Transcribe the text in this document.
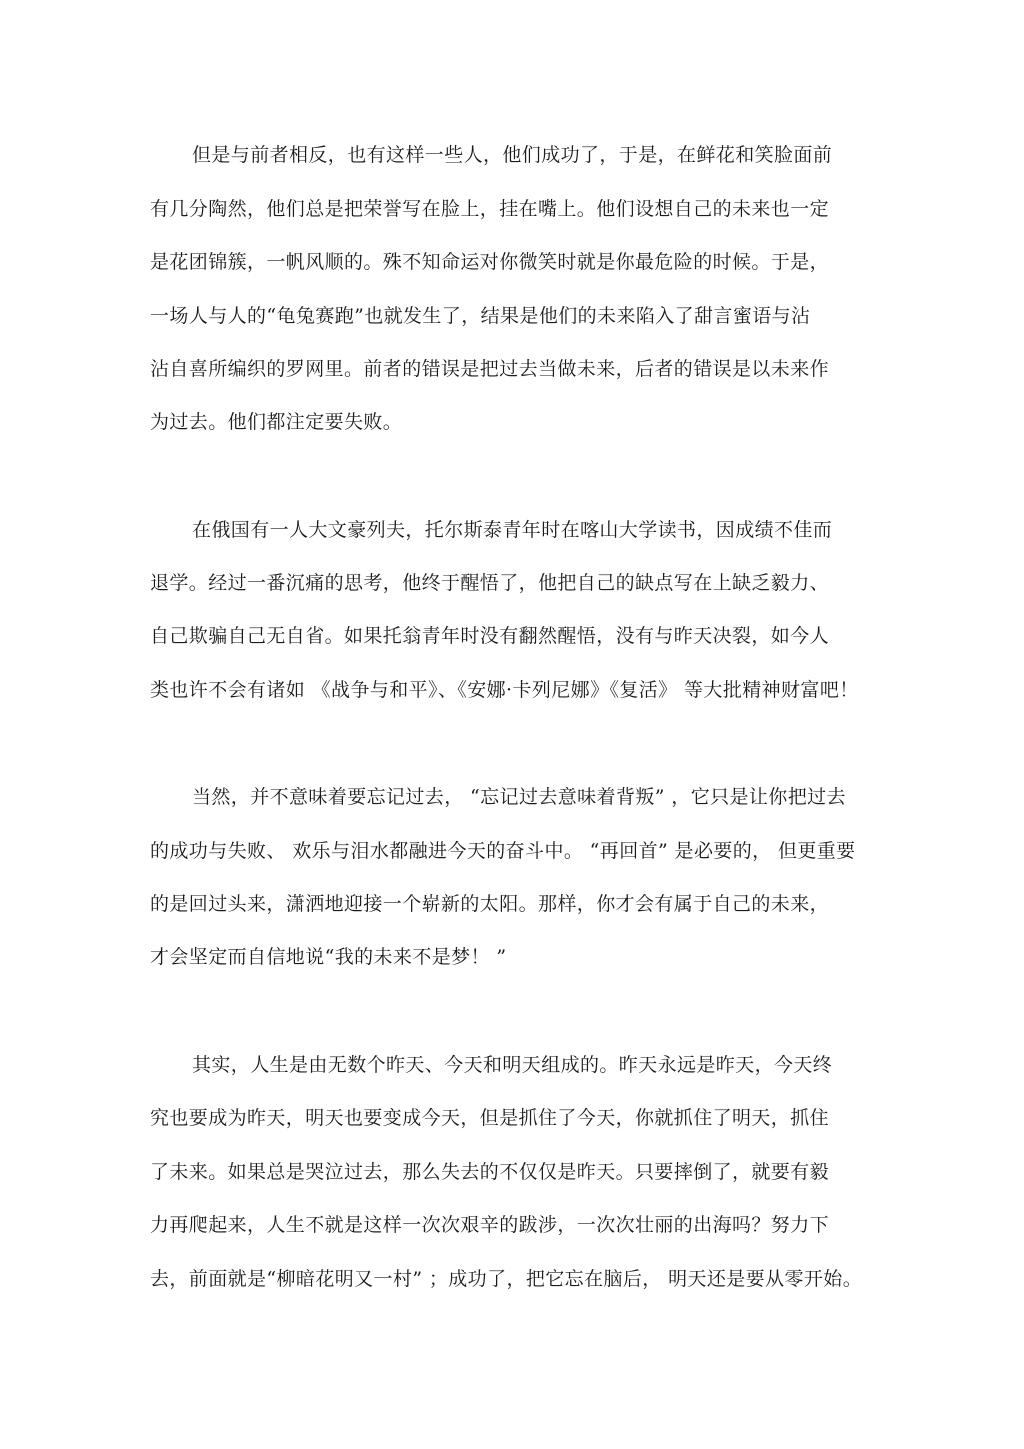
但是与前者相反，也有这样一些人，他们成功了，于是，在鲜花和笑脸面前
有几分陶然，他们总是把荣誉写在脸上，挂在嘴上。他们设想自己的未来也一定
是花团锦簇，一帆风顺的。殊不知命运对你微笑时就是你最危险的时候。于是，
一场人与人的“龟兔赛跑”也就发生了，结果是他们的未来陷入了甜言蜜语与沾
沾自喜所编织的罗网里。前者的错误是把过去当做未来，后者的错误是以未来作
为过去。他们都注定要失败。
在俄国有一人大文豪列夫，托尔斯泰青年时在喀山大学读书，因成绩不佳而
退学。经过一番沉痛的思考，他终于醒悟了，他把自己的缺点写在上缺乏毅力、
自己欺骗自己无自省。如果托翁青年时没有翻然醒悟，没有与昨天决裂，如今人
类也许不会有诸如 《战争与和平》、《安娜·卡列尼娜》《复活》 等大批精神财富吧！
当然，并不意味着要忘记过去， “忘记过去意味着背叛” ，它只是让你把过去
的成功与失败、 欢乐与泪水都融进今天的奋斗中。 “再回首” 是必要的， 但更重要
的是回过头来，潇洒地迎接一个崭新的太阳。那样，你才会有属于自己的未来，
才会坚定而自信地说“我的未来不是梦！ ”
其实，人生是由无数个昨天、今天和明天组成的。昨天永远是昨天，今天终
究也要成为昨天，明天也要变成今天，但是抓住了今天，你就抓住了明天，抓住
了未来。如果总是哭泣过去，那么失去的不仅仅是昨天。只要摔倒了，就要有毅
力再爬起来，人生不就是这样一次次艰辛的跋涉，一次次壮丽的出海吗？努力下
去，前面就是“柳暗花明又一村” ；成功了，把它忘在脑后， 明天还是要从零开始。
